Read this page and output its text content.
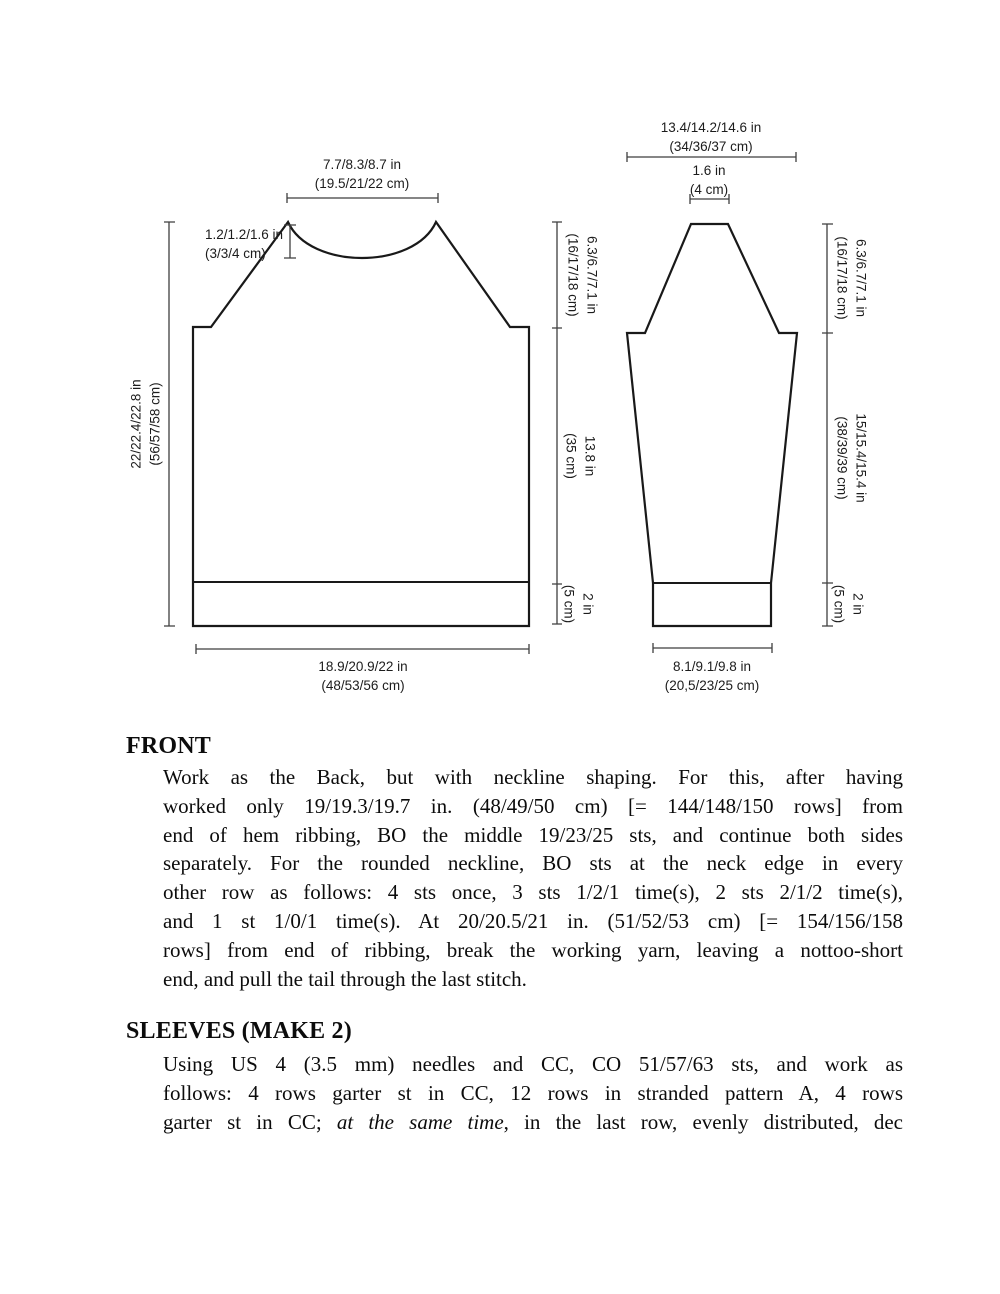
7.7/8.3/8.7 in
(19.5/21/22 cm)
1.2/1.2/1.6 in
(3/3/4 cm)
22/22.4/22.8 in (56/57/58 cm)
6.3/6.7/7.1 in
(16/17/18 cm)
13.8 in
(35 cm)
2 in
(5 cm)
18.9/20.9/22 in
(48/53/56 cm)
13.4/14.2/14.6 in
(34/36/37 cm)
1.6 in
(4 cm)
6.3/6.7/7.1 in
(16/17/18 cm)
15/15.4/15.4 in
(38/39/39 cm)
2 in
(5 cm)
8.1/9.1/9.8 in
(20,5/23/25 cm)
FRONT
Work as the Back, but with neckline shaping. For this, after having
worked only 19/19.3/19.7 in. (48/49/50 cm) [= 144/148/150 rows] from
end of hem ribbing, BO the middle 19/23/25 sts, and continue both sides
separately. For the rounded neckline, BO sts at the neck edge in every
other row as follows: 4 sts once, 3 sts 1/2/1 time(s), 2 sts 2/1/2 time(s),
and 1 st 1/0/1 time(s). At 20/20.5/21 in. (51/52/53 cm) [= 154/156/158
rows] from end of ribbing, break the working yarn, leaving a nottoo-short
end, and pull the tail through the last stitch.
SLEEVES (MAKE 2)
Using US 4 (3.5 mm) needles and CC, CO 51/57/63 sts, and work as
follows: 4 rows garter st in CC, 12 rows in stranded pattern A, 4 rows
garter st in CC; at the same time, in the last row, evenly distributed, dec
